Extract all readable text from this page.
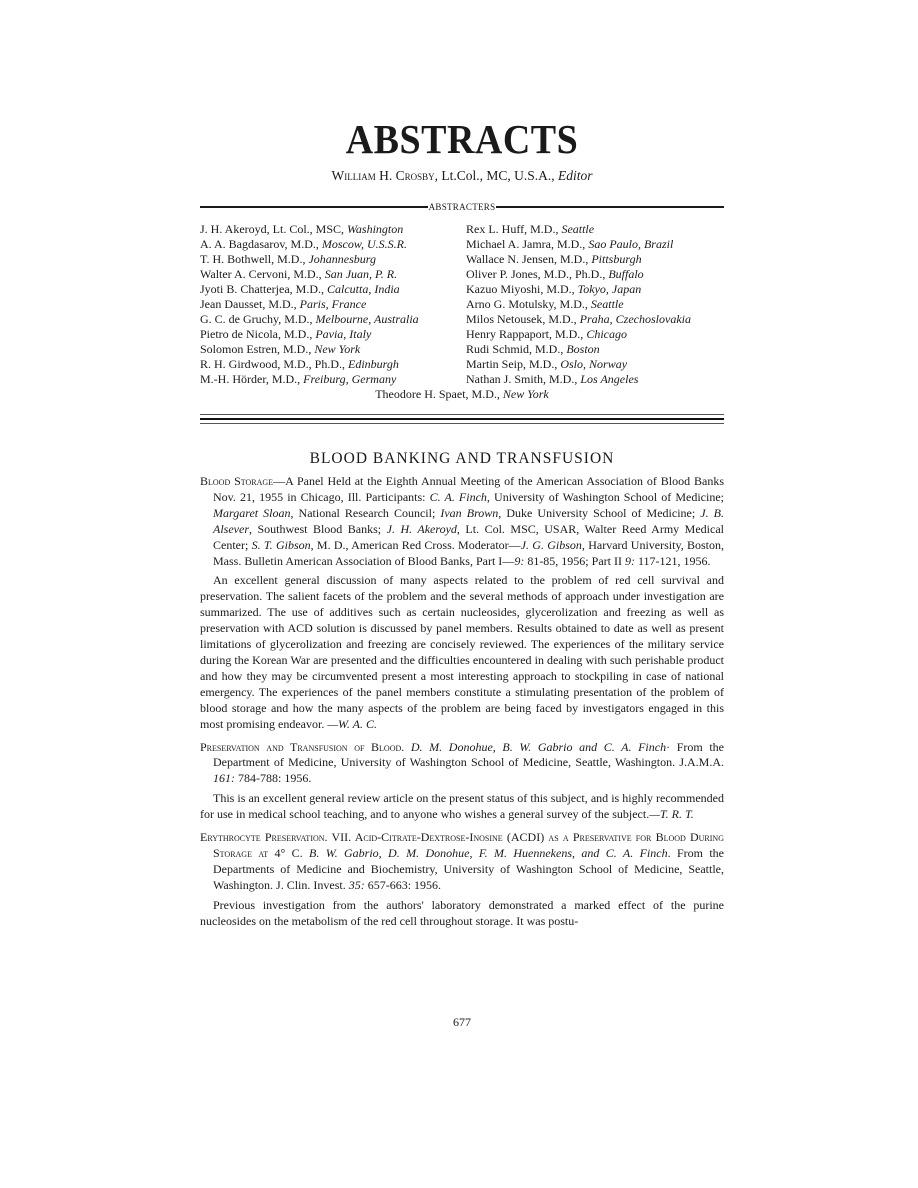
ABSTRACTS
William H. Crosby, Lt.Col., MC, U.S.A., Editor
ABSTRACTERS
J. H. Akeroyd, Lt. Col., MSC, Washington
A. A. Bagdasarov, M.D., Moscow, U.S.S.R.
T. H. Bothwell, M.D., Johannesburg
Walter A. Cervoni, M.D., San Juan, P. R.
Jyoti B. Chatterjea, M.D., Calcutta, India
Jean Dausset, M.D., Paris, France
G. C. de Gruchy, M.D., Melbourne, Australia
Pietro de Nicola, M.D., Pavia, Italy
Solomon Estren, M.D., New York
R. H. Girdwood, M.D., Ph.D., Edinburgh
M.-H. Hörder, M.D., Freiburg, Germany
Rex L. Huff, M.D., Seattle
Michael A. Jamra, M.D., Sao Paulo, Brazil
Wallace N. Jensen, M.D., Pittsburgh
Oliver P. Jones, M.D., Ph.D., Buffalo
Kazuo Miyoshi, M.D., Tokyo, Japan
Arno G. Motulsky, M.D., Seattle
Milos Netousek, M.D., Praha, Czechoslovakia
Henry Rappaport, M.D., Chicago
Rudi Schmid, M.D., Boston
Martin Seip, M.D., Oslo, Norway
Nathan J. Smith, M.D., Los Angeles
Theodore H. Spaet, M.D., New York
BLOOD BANKING AND TRANSFUSION

Blood Storage—A Panel Held at the Eighth Annual Meeting of the American Association of Blood Banks Nov. 21, 1955 in Chicago, Ill. Participants: C. A. Finch, University of Washington School of Medicine; Margaret Sloan, National Research Council; Ivan Brown, Duke University School of Medicine; J. B. Alsever, Southwest Blood Banks; J. H. Akeroyd, Lt. Col. MSC, USAR, Walter Reed Army Medical Center; S. T. Gibson, M. D., American Red Cross. Moderator—J. G. Gibson, Harvard University, Boston, Mass. Bulletin American Association of Blood Banks, Part I—9: 81-85, 1956; Part II 9: 117-121, 1956.

An excellent general discussion of many aspects related to the problem of red cell survival and preservation. The salient facets of the problem and the several methods of approach under investigation are summarized. The use of additives such as certain nucleosides, glycerolization and freezing as well as preservation with ACD solution is discussed by panel members. Results obtained to date as well as present limitations of glycerolization and freezing are concisely reviewed. The experiences of the military service during the Korean War are presented and the difficulties encountered in dealing with such perishable product and how they may be circumvented present a most interesting approach to stockpiling in case of national emergency. The experiences of the panel members constitute a stimulating presentation of the problem of blood storage and how the many aspects of the problem are being faced by investigators engaged in this most promising endeavor. —W. A. C.

Preservation and Transfusion of Blood. D. M. Donohue, B. W. Gabrio and C. A. Finch· From the Department of Medicine, University of Washington School of Medicine, Seattle, Washington. J.A.M.A. 161: 784-788: 1956.

This is an excellent general review article on the present status of this subject, and is highly recommended for use in medical school teaching, and to anyone who wishes a general survey of the subject.—T. R. T.

Erythrocyte Preservation. VII. Acid-Citrate-Dextrose-Inosine (ACDI) as a Preservative for Blood During Storage at 4° C. B. W. Gabrio, D. M. Donohue, F. M. Huennekens, and C. A. Finch. From the Departments of Medicine and Biochemistry, University of Washington School of Medicine, Seattle, Washington. J. Clin. Invest. 35: 657-663: 1956.

Previous investigation from the authors' laboratory demonstrated a marked effect of the purine nucleosides on the metabolism of the red cell throughout storage. It was postu-

677
